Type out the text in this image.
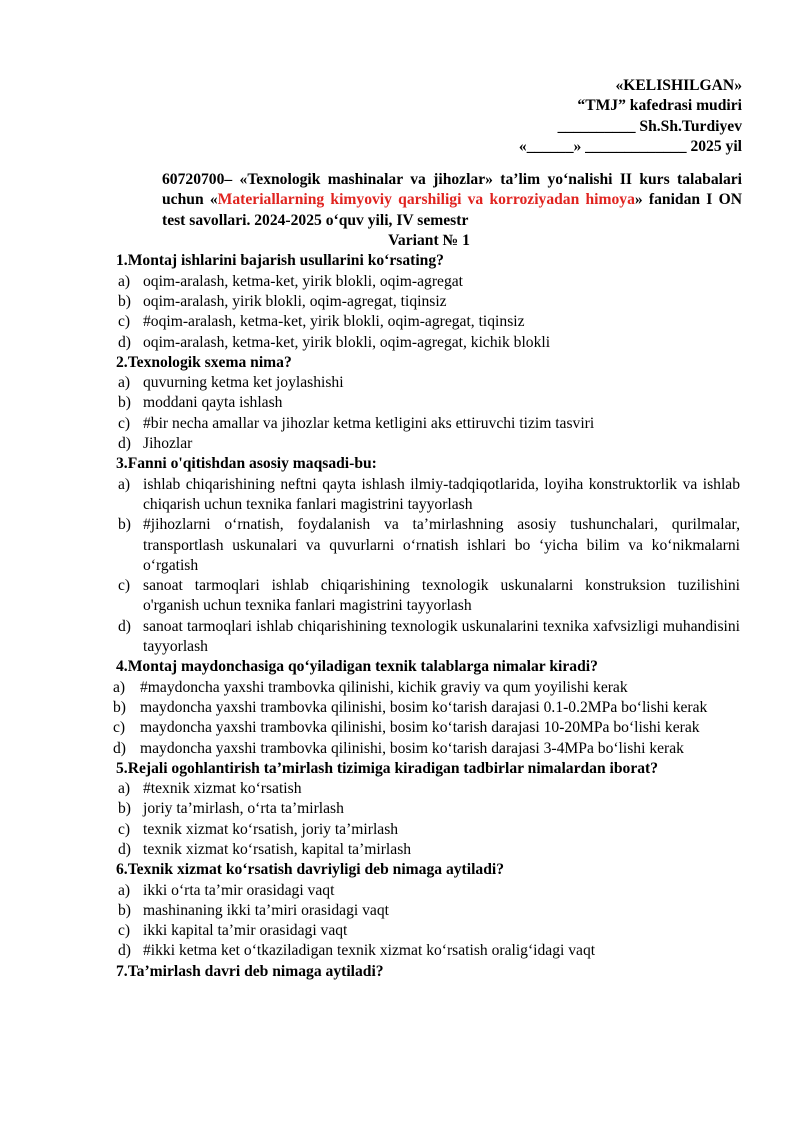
«KELISHILGAN»
“TMJ” kafedrasi mudiri
__________ Sh.Sh.Turdiyev
«______» _____________ 2025 yil
60720700– «Texnologik mashinalar va jihozlar» ta’lim yo‘nalishi II kurs talabalari uchun «Materiallarning kimyoviy qarshiligi va korroziyadan himoya» fanidan I ON test savollari. 2024-2025 o‘quv yili, IV semestr
Variant № 1
1.Montaj ishlarini bajarish usullarini ko‘rsating?
a) oqim-aralash, ketma-ket, yirik blokli, oqim-agregat
b) oqim-aralash, yirik blokli, oqim-agregat, tiqinsiz
c) #oqim-aralash, ketma-ket, yirik blokli, oqim-agregat, tiqinsiz
d) oqim-aralash, ketma-ket, yirik blokli, oqim-agregat, kichik blokli
2.Texnologik sxema nima?
a) quvurning ketma ket joylashishi
b) moddani qayta ishlash
c) #bir necha amallar va jihozlar ketma ketligini aks ettiruvchi tizim tasviri
d) Jihozlar
3.Fanni o'qitishdan asosiy maqsadi-bu:
a) ishlab chiqarishining neftni qayta ishlash ilmiy-tadqiqotlarida, loyiha konstruktorlik va ishlab chiqarish uchun texnika fanlari magistrini tayyorlash
b) #jihozlarni o‘rnatish, foydalanish va ta’mirlashning asosiy tushunchalari, qurilmalar, transportlash uskunalari va quvurlarni o‘rnatish ishlari bo ‘yicha bilim va ko‘nikmalarni o‘rgatish
c) sanoat tarmoqlari ishlab chiqarishining texnologik uskunalarni konstruksion tuzilishini o'rganish uchun texnika fanlari magistrini tayyorlash
d) sanoat tarmoqlari ishlab chiqarishining texnologik uskunalarini texnika xafvsizligi muhandisini tayyorlash
4.Montaj maydonchasiga qo‘yiladigan texnik talablarga nimalar kiradi?
a) #maydoncha yaxshi trambovka qilinishi, kichik graviy va qum yoyilishi kerak
b) maydoncha yaxshi trambovka qilinishi, bosim ko‘tarish darajasi 0.1-0.2MPa bo‘lishi kerak
c) maydoncha yaxshi trambovka qilinishi, bosim ko‘tarish darajasi 10-20MPa bo‘lishi kerak
d) maydoncha yaxshi trambovka qilinishi, bosim ko‘tarish darajasi 3-4MPa bo‘lishi kerak
5.Rejali ogohlantirish ta’mirlash tizimiga kiradigan tadbirlar nimalardan iborat?
a) #texnik xizmat ko‘rsatish
b) joriy ta’mirlash, o‘rta ta’mirlash
c) texnik xizmat ko‘rsatish, joriy ta’mirlash
d) texnik xizmat ko‘rsatish, kapital ta’mirlash
6.Texnik xizmat ko‘rsatish davriyligi deb nimaga aytiladi?
a) ikki o‘rta ta’mir orasidagi vaqt
b) mashinaning ikki ta’miri orasidagi vaqt
c) ikki kapital ta’mir orasidagi vaqt
d) #ikki ketma ket o‘tkaziladigan texnik xizmat ko‘rsatish oralig‘idagi vaqt
7.Ta’mirlash davri deb nimaga aytiladi?
